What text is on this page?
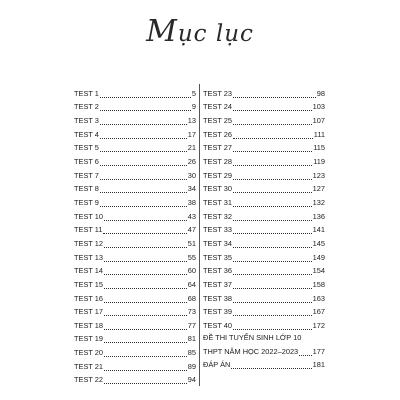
Mục lục
TEST 1	5
TEST 2	9
TEST 3	13
TEST 4	17
TEST 5	21
TEST 6	26
TEST 7	30
TEST 8	34
TEST 9	38
TEST 10	43
TEST 11	47
TEST 12	51
TEST 13	55
TEST 14	60
TEST 15	64
TEST 16	68
TEST 17	73
TEST 18	77
TEST 19	81
TEST 20	85
TEST 21	89
TEST 22	94
TEST 23	98
TEST 24	103
TEST 25	107
TEST 26	111
TEST 27	115
TEST 28	119
TEST 29	123
TEST 30	127
TEST 31	132
TEST 32	136
TEST 33	141
TEST 34	145
TEST 35	149
TEST 36	154
TEST 37	158
TEST 38	163
TEST 39	167
TEST 40	172
ĐỀ THI TUYỂN SINH LỚP 10
THPT NĂM HỌC 2022–2023 177
ĐÁP ÁN	181
